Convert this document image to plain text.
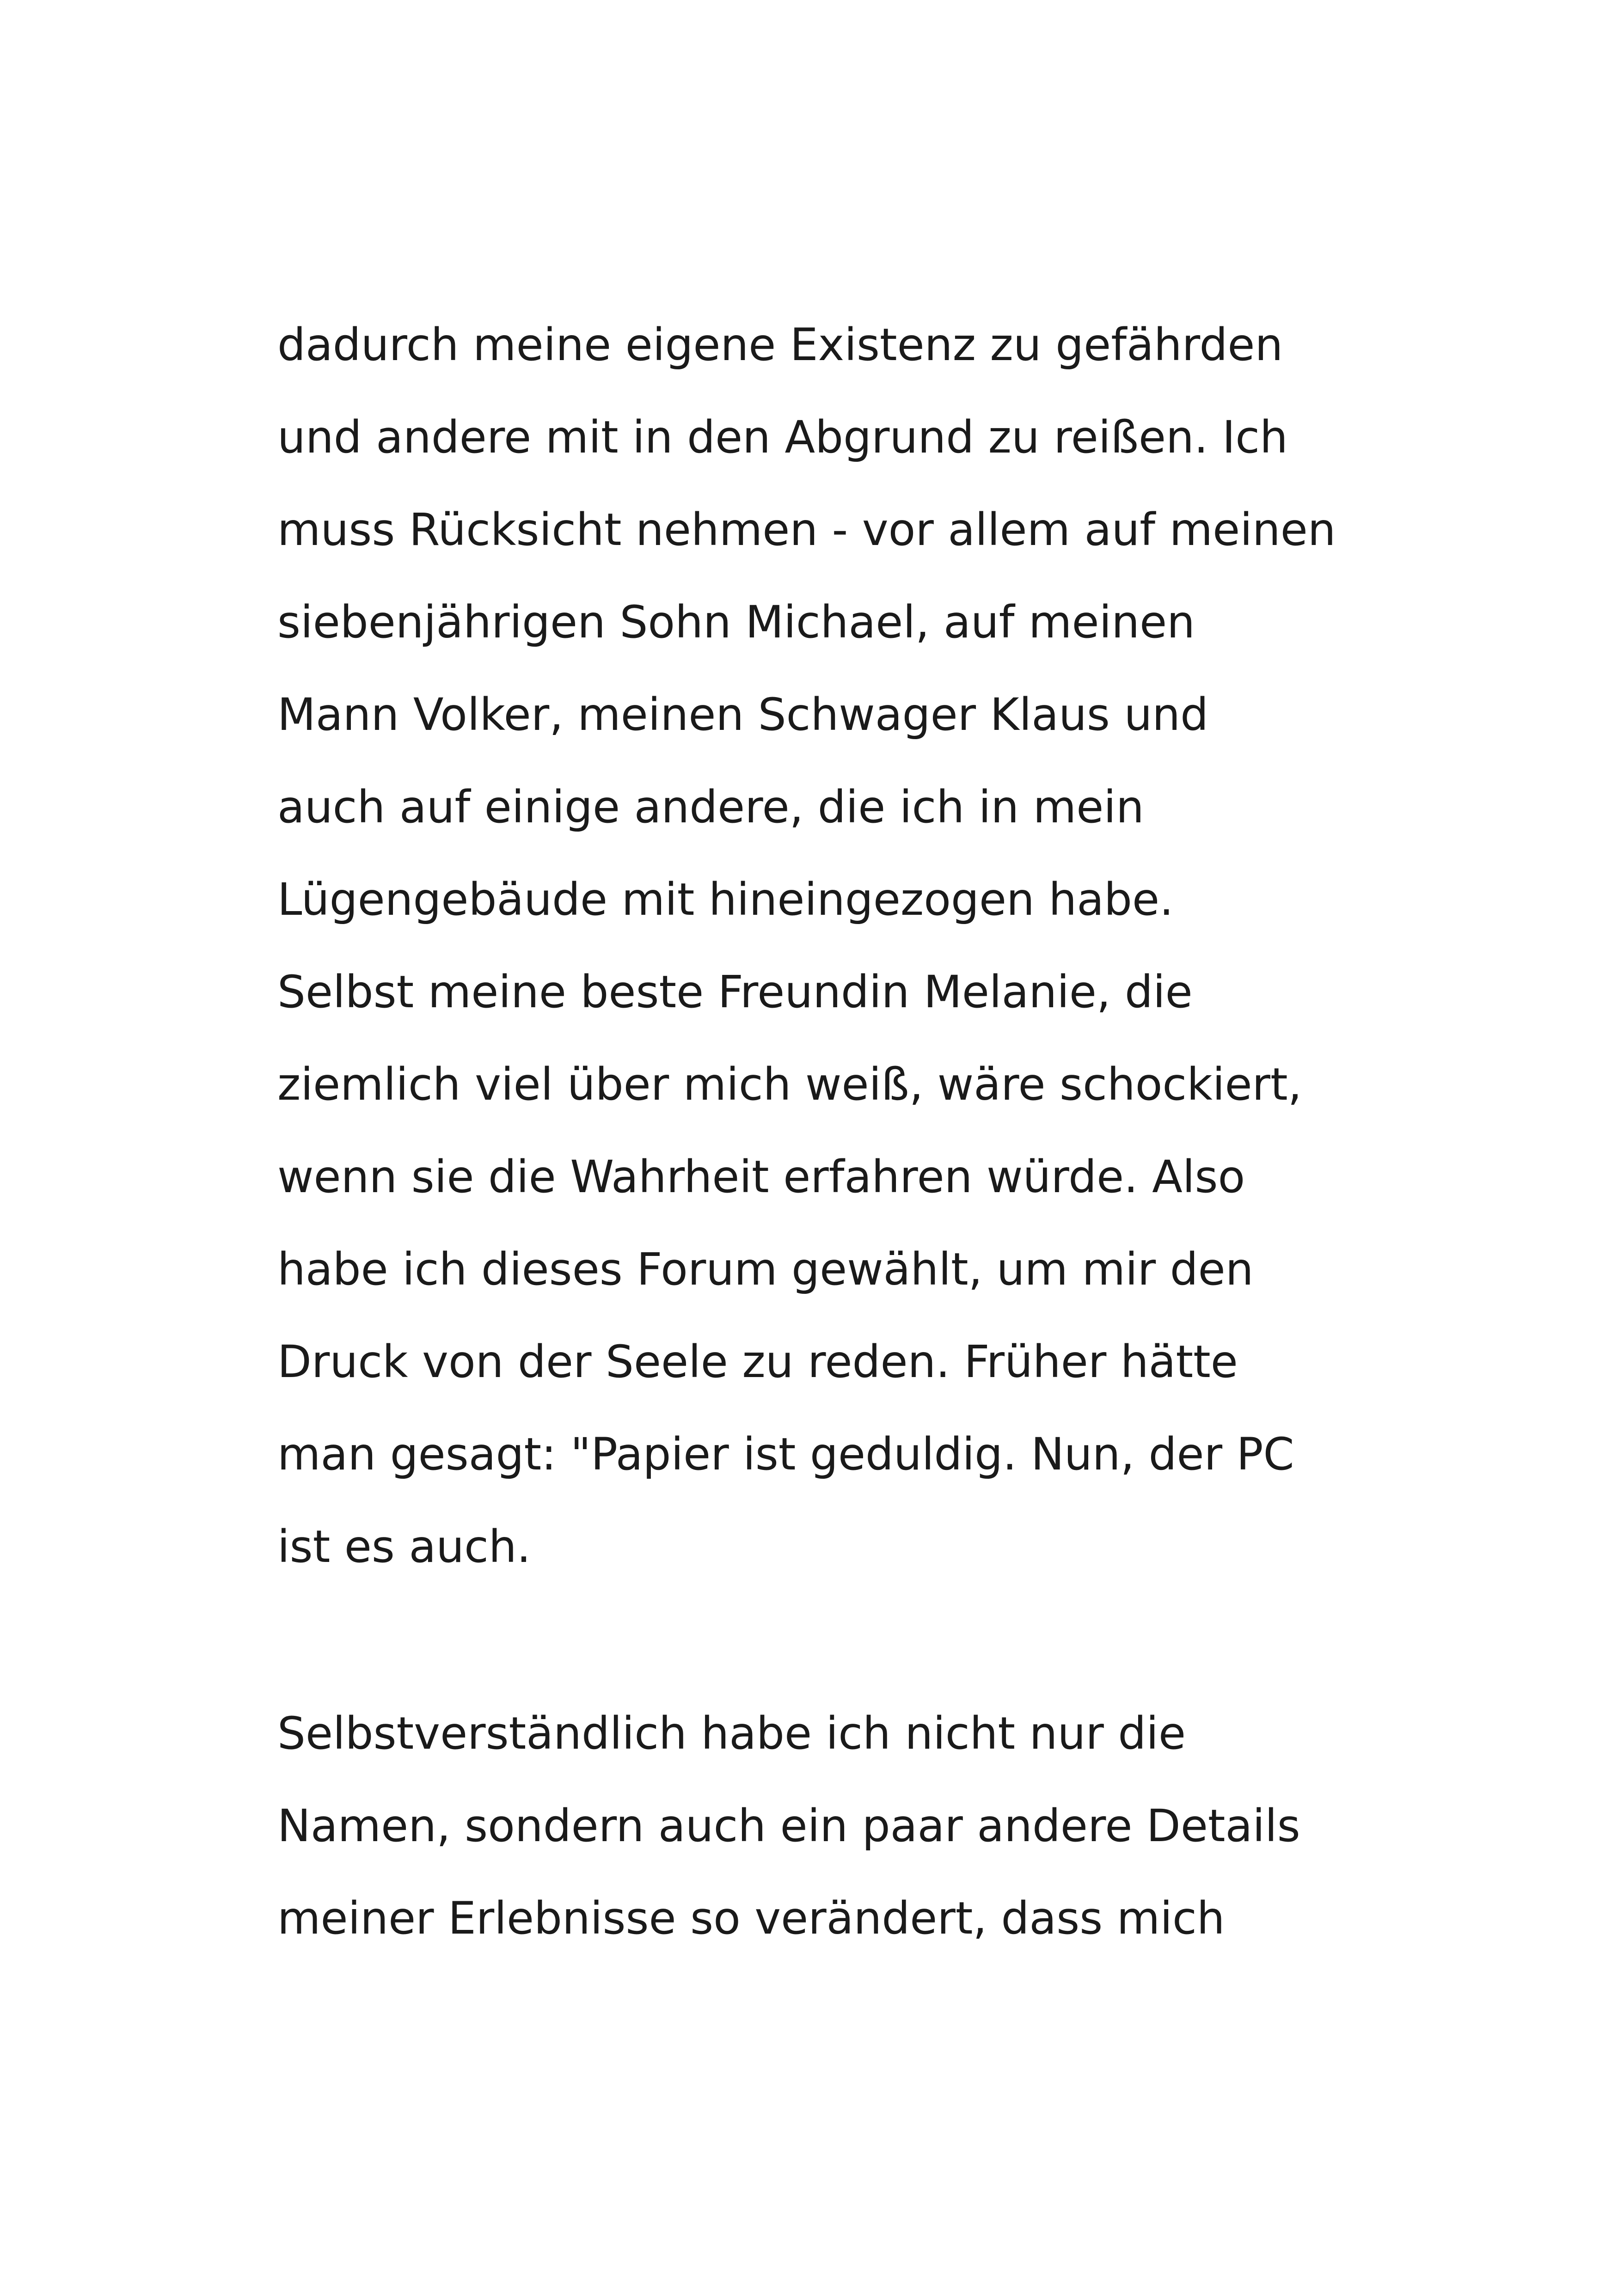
dadurch meine eigene Existenz zu gefährden
und andere mit in den Abgrund zu reißen. Ich
muss Rücksicht nehmen - vor allem auf meinen
siebenjährigen Sohn Michael, auf meinen
Mann Volker, meinen Schwager Klaus und
auch auf einige andere, die ich in mein
Lügengebäude mit hineingezogen habe.
Selbst meine beste Freundin Melanie, die
ziemlich viel über mich weiß, wäre schockiert,
wenn sie die Wahrheit erfahren würde. Also
habe ich dieses Forum gewählt, um mir den
Druck von der Seele zu reden. Früher hätte
man gesagt: "Papier ist geduldig. Nun, der PC
ist es auch.
Selbstverständlich habe ich nicht nur die
Namen, sondern auch ein paar andere Details
meiner Erlebnisse so verändert, dass mich
